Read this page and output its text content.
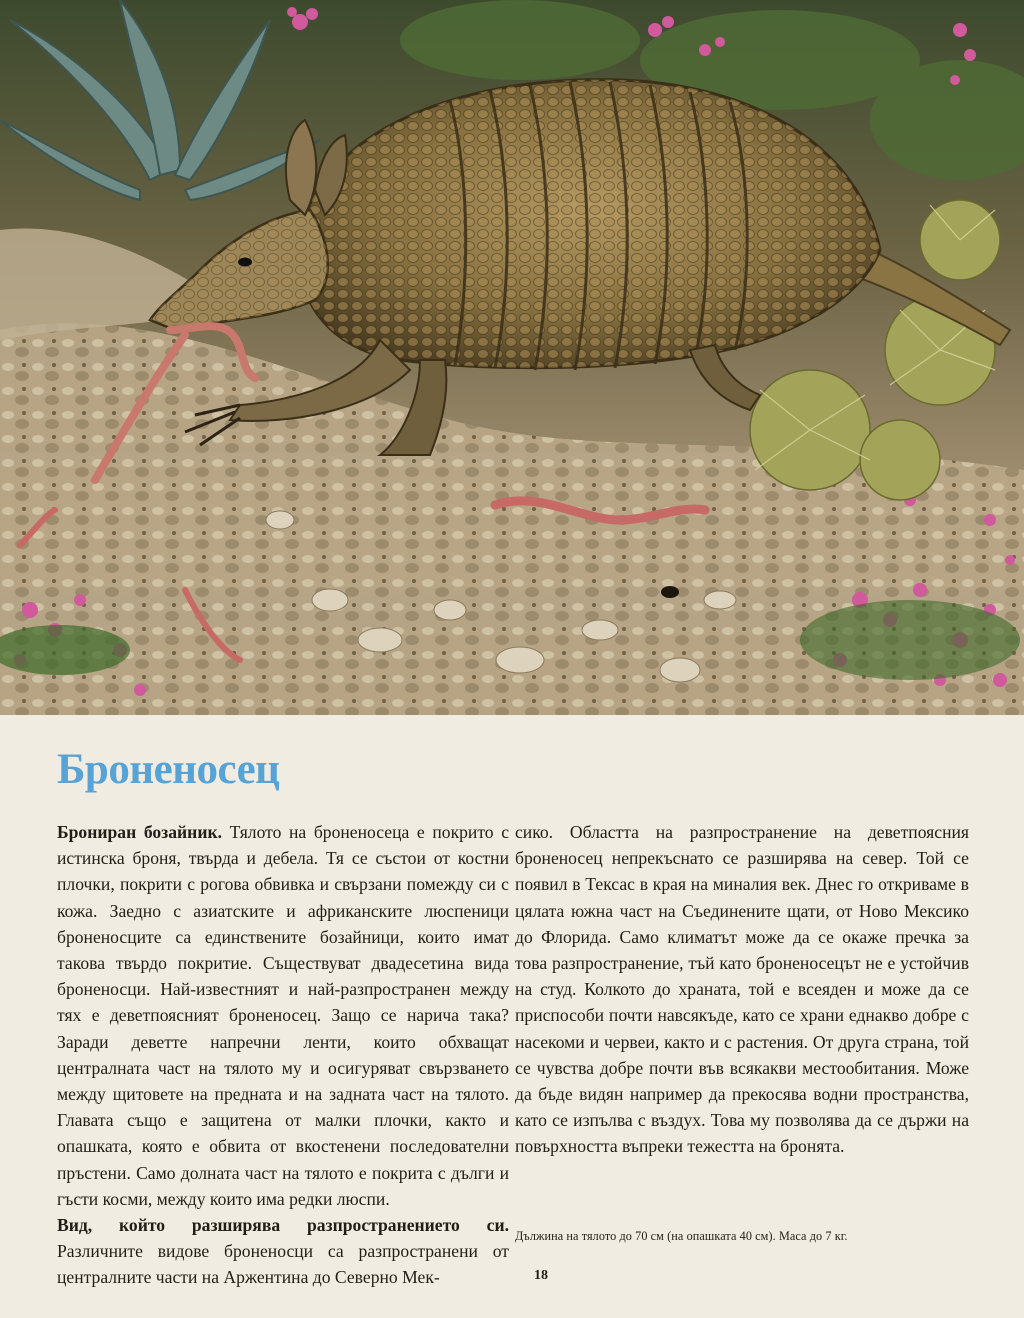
Броненосец

Брониран бозайник. Тялото на броненосеца е покрито с истинска броня, твърда и дебела. Тя се състои от костни плочки, покрити с рогова обвивка и свързани помежду си с кожа. Заедно с азиатските и африканските люспеници броненосците са единствените бозайници, които имат такова твърдо покритие. Съществуват двадесетина вида броненосци. Най-известният и най-разпространен между тях е деветпоясният броненосец. Защо се нарича така? Заради деветте напречни ленти, които обхващат централната част на тялото му и осигуряват свързването между щитовете на предната и на задната част на тялото. Главата също е защитена от малки плочки, както и опашката, която е обвита от вкостенени последователни пръстени. Само долната част на тялото е покрита с дълги и гъсти косми, между които има редки люспи.

Вид, който разширява разпространението си. Различните видове броненосци са разпространени от централните части на Аржентина до Северно Мек-

сико. Областта на разпространение на деветпоясния броненосец непрекъснато се разширява на север. Той се появил в Тексас в края на миналия век. Днес го откриваме в цялата южна част на Съединените щати, от Ново Мексико до Флорида. Само климатът може да се окаже пречка за това разпространение, тъй като броненосецът не е устойчив на студ. Колкото до храната, той е всеяден и може да се приспособи почти навсякъде, като се храни еднакво добре с насекоми и червеи, както и с растения. От друга страна, той се чувства добре почти във всякакви местообитания. Може да бъде видян например да прекосява водни пространства, като се изпълва с въздух. Това му позволява да се държи на повърхността въпреки тежестта на бронята.

Дължина на тялото до 70 см (на опашката 40 см). Маса до 7 кг.
18
